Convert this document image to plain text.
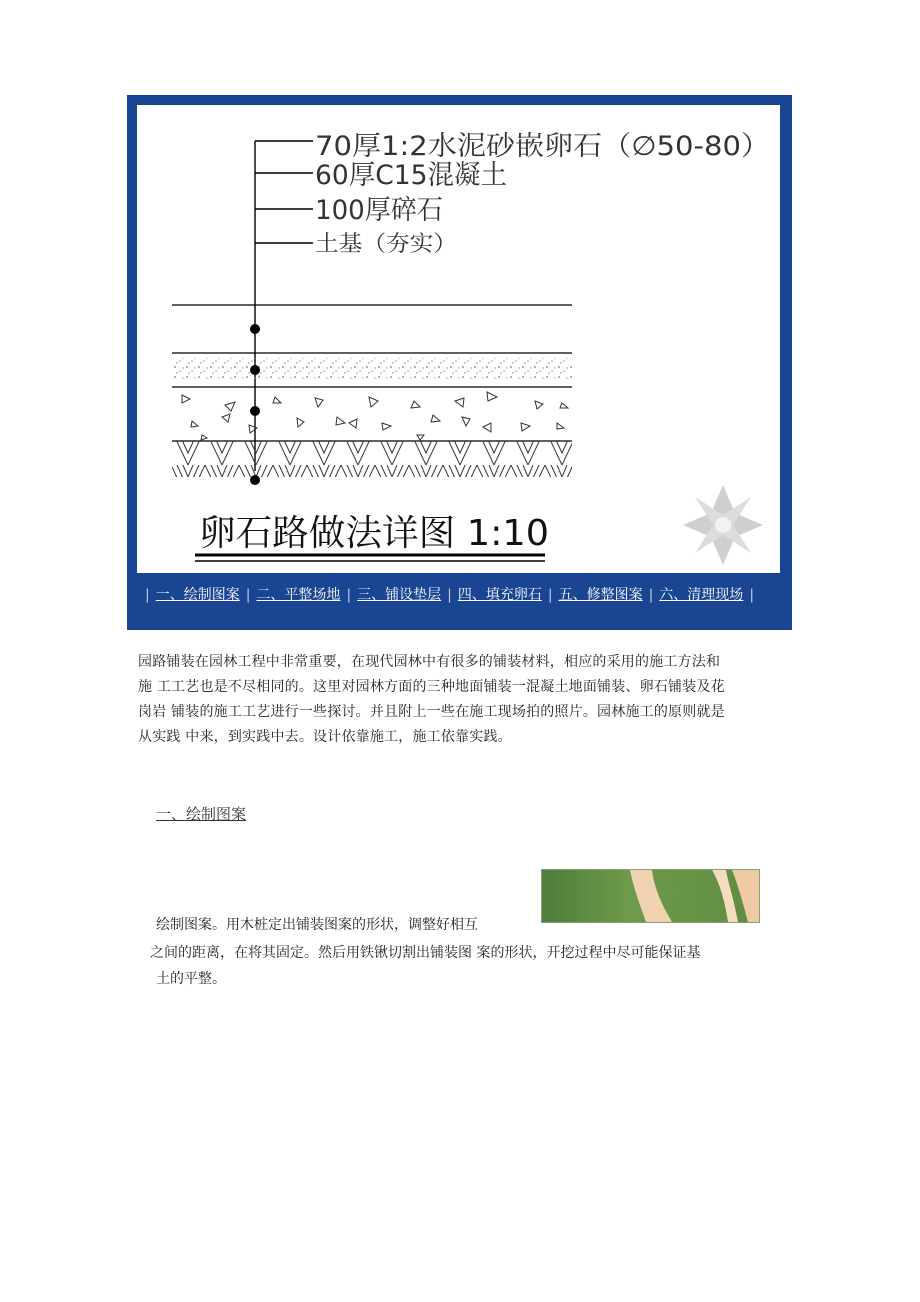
70厚1:2水泥砂嵌卵石（∅50-80）
60厚C15混凝土
100厚碎石
土基（夯实）
卵石路做法详图 1:10
| 一、绘制图案 | 二、平整场地 | 三、铺设垫层 | 四、填充卵石 | 五、修整图案 | 六、清理现场 |
园路铺装在园林工程中非常重要，在现代园林中有很多的铺装材料，相应的采用的施工方法和
施 工工艺也是不尽相同的。这里对园林方面的三种地面铺装一混凝土地面铺装、卵石铺装及花
岗岩 铺装的施工工艺进行一些探讨。并且附上一些在施工现场拍的照片。园林施工的原则就是
从实践 中来，到实践中去。设计依靠施工，施工依靠实践。
一、绘制图案
绘制图案。用木桩定出铺装图案的形状，调整好相互
之间的距离，在将其固定。然后用铁锹切割出铺装图 案的形状，开挖过程中尽可能保证基
土的平整。
